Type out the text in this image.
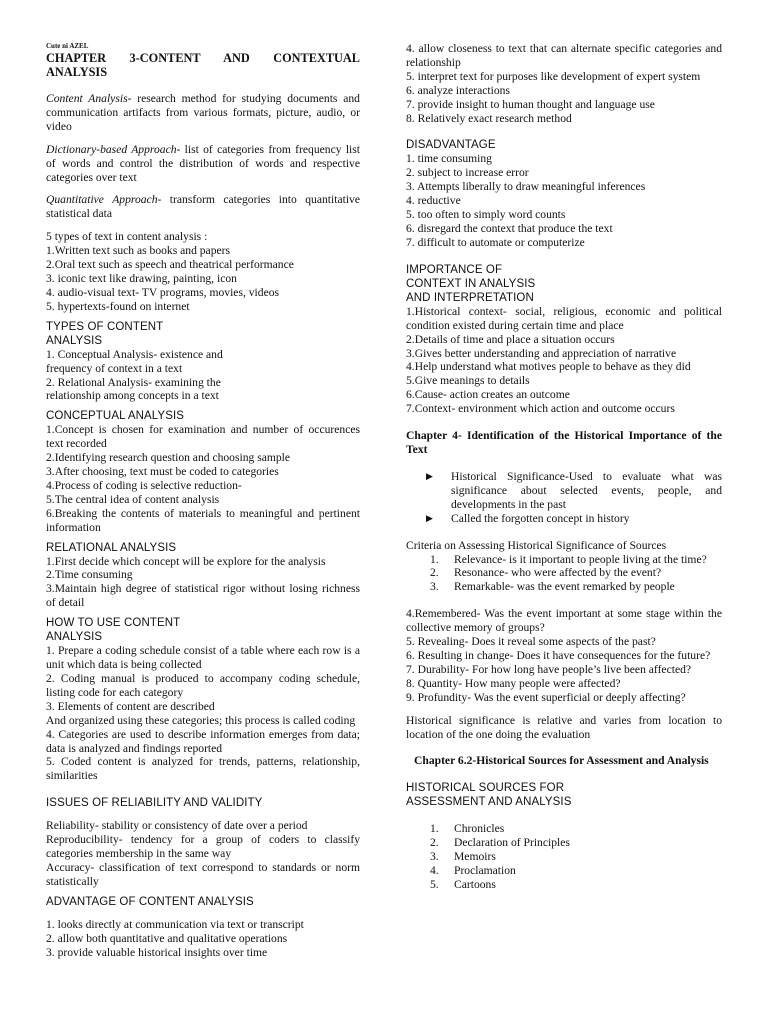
Cute ni AZEL
CHAPTER 3-CONTENT AND CONTEXTUAL
ANALYSIS
Content Analysis- research method for studying documents and communication artifacts from various formats, picture, audio, or video
Dictionary-based Approach- list of categories from frequency list of words and control the distribution of words and respective categories over text
Quantitative Approach- transform categories into quantitative statistical data
5 types of text in content analysis :
1.Written text such as books and papers
2.Oral text such as speech and theatrical performance
3. iconic text like drawing, painting, icon
4. audio-visual text- TV programs, movies, videos
5. hypertexts-found on internet
TYPES OF CONTENT
ANALYSIS
1. Conceptual Analysis- existence and
frequency of context in a text
2. Relational Analysis- examining the
relationship among concepts in a text
CONCEPTUAL ANALYSIS
1.Concept is chosen for examination and number of occurences text recorded
2.Identifying research question and choosing sample
3.After choosing, text must be coded to categories
4.Process of coding is selective reduction-
5.The central idea of content analysis
6.Breaking the contents of materials to meaningful and pertinent information
RELATIONAL ANALYSIS
1.First decide which concept will be explore for the analysis
2.Time consuming
3.Maintain high degree of statistical rigor without losing richness of detail
HOW TO USE CONTENT
ANALYSIS
1. Prepare a coding schedule consist of a table where each row is a unit which data is being collected
2. Coding manual is produced to accompany coding schedule, listing code for each category
3. Elements of content are described
And organized using these categories; this process is called coding
4. Categories are used to describe information emerges from data; data is analyzed and findings reported
5. Coded content is analyzed for trends, patterns, relationship, similarities
ISSUES OF RELIABILITY AND VALIDITY
Reliability- stability or consistency of date over a period
Reproducibility- tendency for a group of coders to classify categories membership in the same way
Accuracy- classification of text correspond to standards or norm statistically
ADVANTAGE OF CONTENT ANALYSIS
1. looks directly at communication via text or transcript
2. allow both quantitative and qualitative operations
3. provide valuable historical insights over time
4. allow closeness to text that can alternate specific categories and relationship
5. interpret text for purposes like development of expert system
6. analyze interactions
7. provide insight to human thought and language use
8. Relatively exact research method
DISADVANTAGE
1. time consuming
2. subject to increase error
3. Attempts liberally to draw meaningful inferences
4. reductive
5. too often to simply word counts
6. disregard the context that produce the text
7. difficult to automate or computerize
IMPORTANCE OF
CONTEXT IN ANALYSIS
AND INTERPRETATION
1.Historical context- social, religious, economic and political condition existed during certain time and place
2.Details of time and place a situation occurs
3.Gives better understanding and appreciation of narrative
4.Help understand what motives people to behave as they did
5.Give meanings to details
6.Cause- action creates an outcome
7.Context- environment which action and outcome occurs
Chapter 4- Identification of the Historical Importance of the Text
▶ Historical Significance-Used to evaluate what was significance about selected events, people, and developments in the past
▶ Called the forgotten concept in history
Criteria on Assessing Historical Significance of Sources
1. Relevance- is it important to people living at the time?
2. Resonance- who were affected by the event?
3. Remarkable- was the event remarked by people
4.Remembered- Was the event important at some stage within the collective memory of groups?
5. Revealing- Does it reveal some aspects of the past?
6. Resulting in change- Does it have consequences for the future?
7. Durability- For how long have people’s live been affected?
8. Quantity- How many people were affected?
9. Profundity- Was the event superficial or deeply affecting?
Historical significance is relative and varies from location to location of the one doing the evaluation
Chapter 6.2-Historical Sources for Assessment and Analysis
HISTORICAL SOURCES FOR
ASSESSMENT AND ANALYSIS
1. Chronicles
2. Declaration of Principles
3. Memoirs
4. Proclamation
5. Cartoons
